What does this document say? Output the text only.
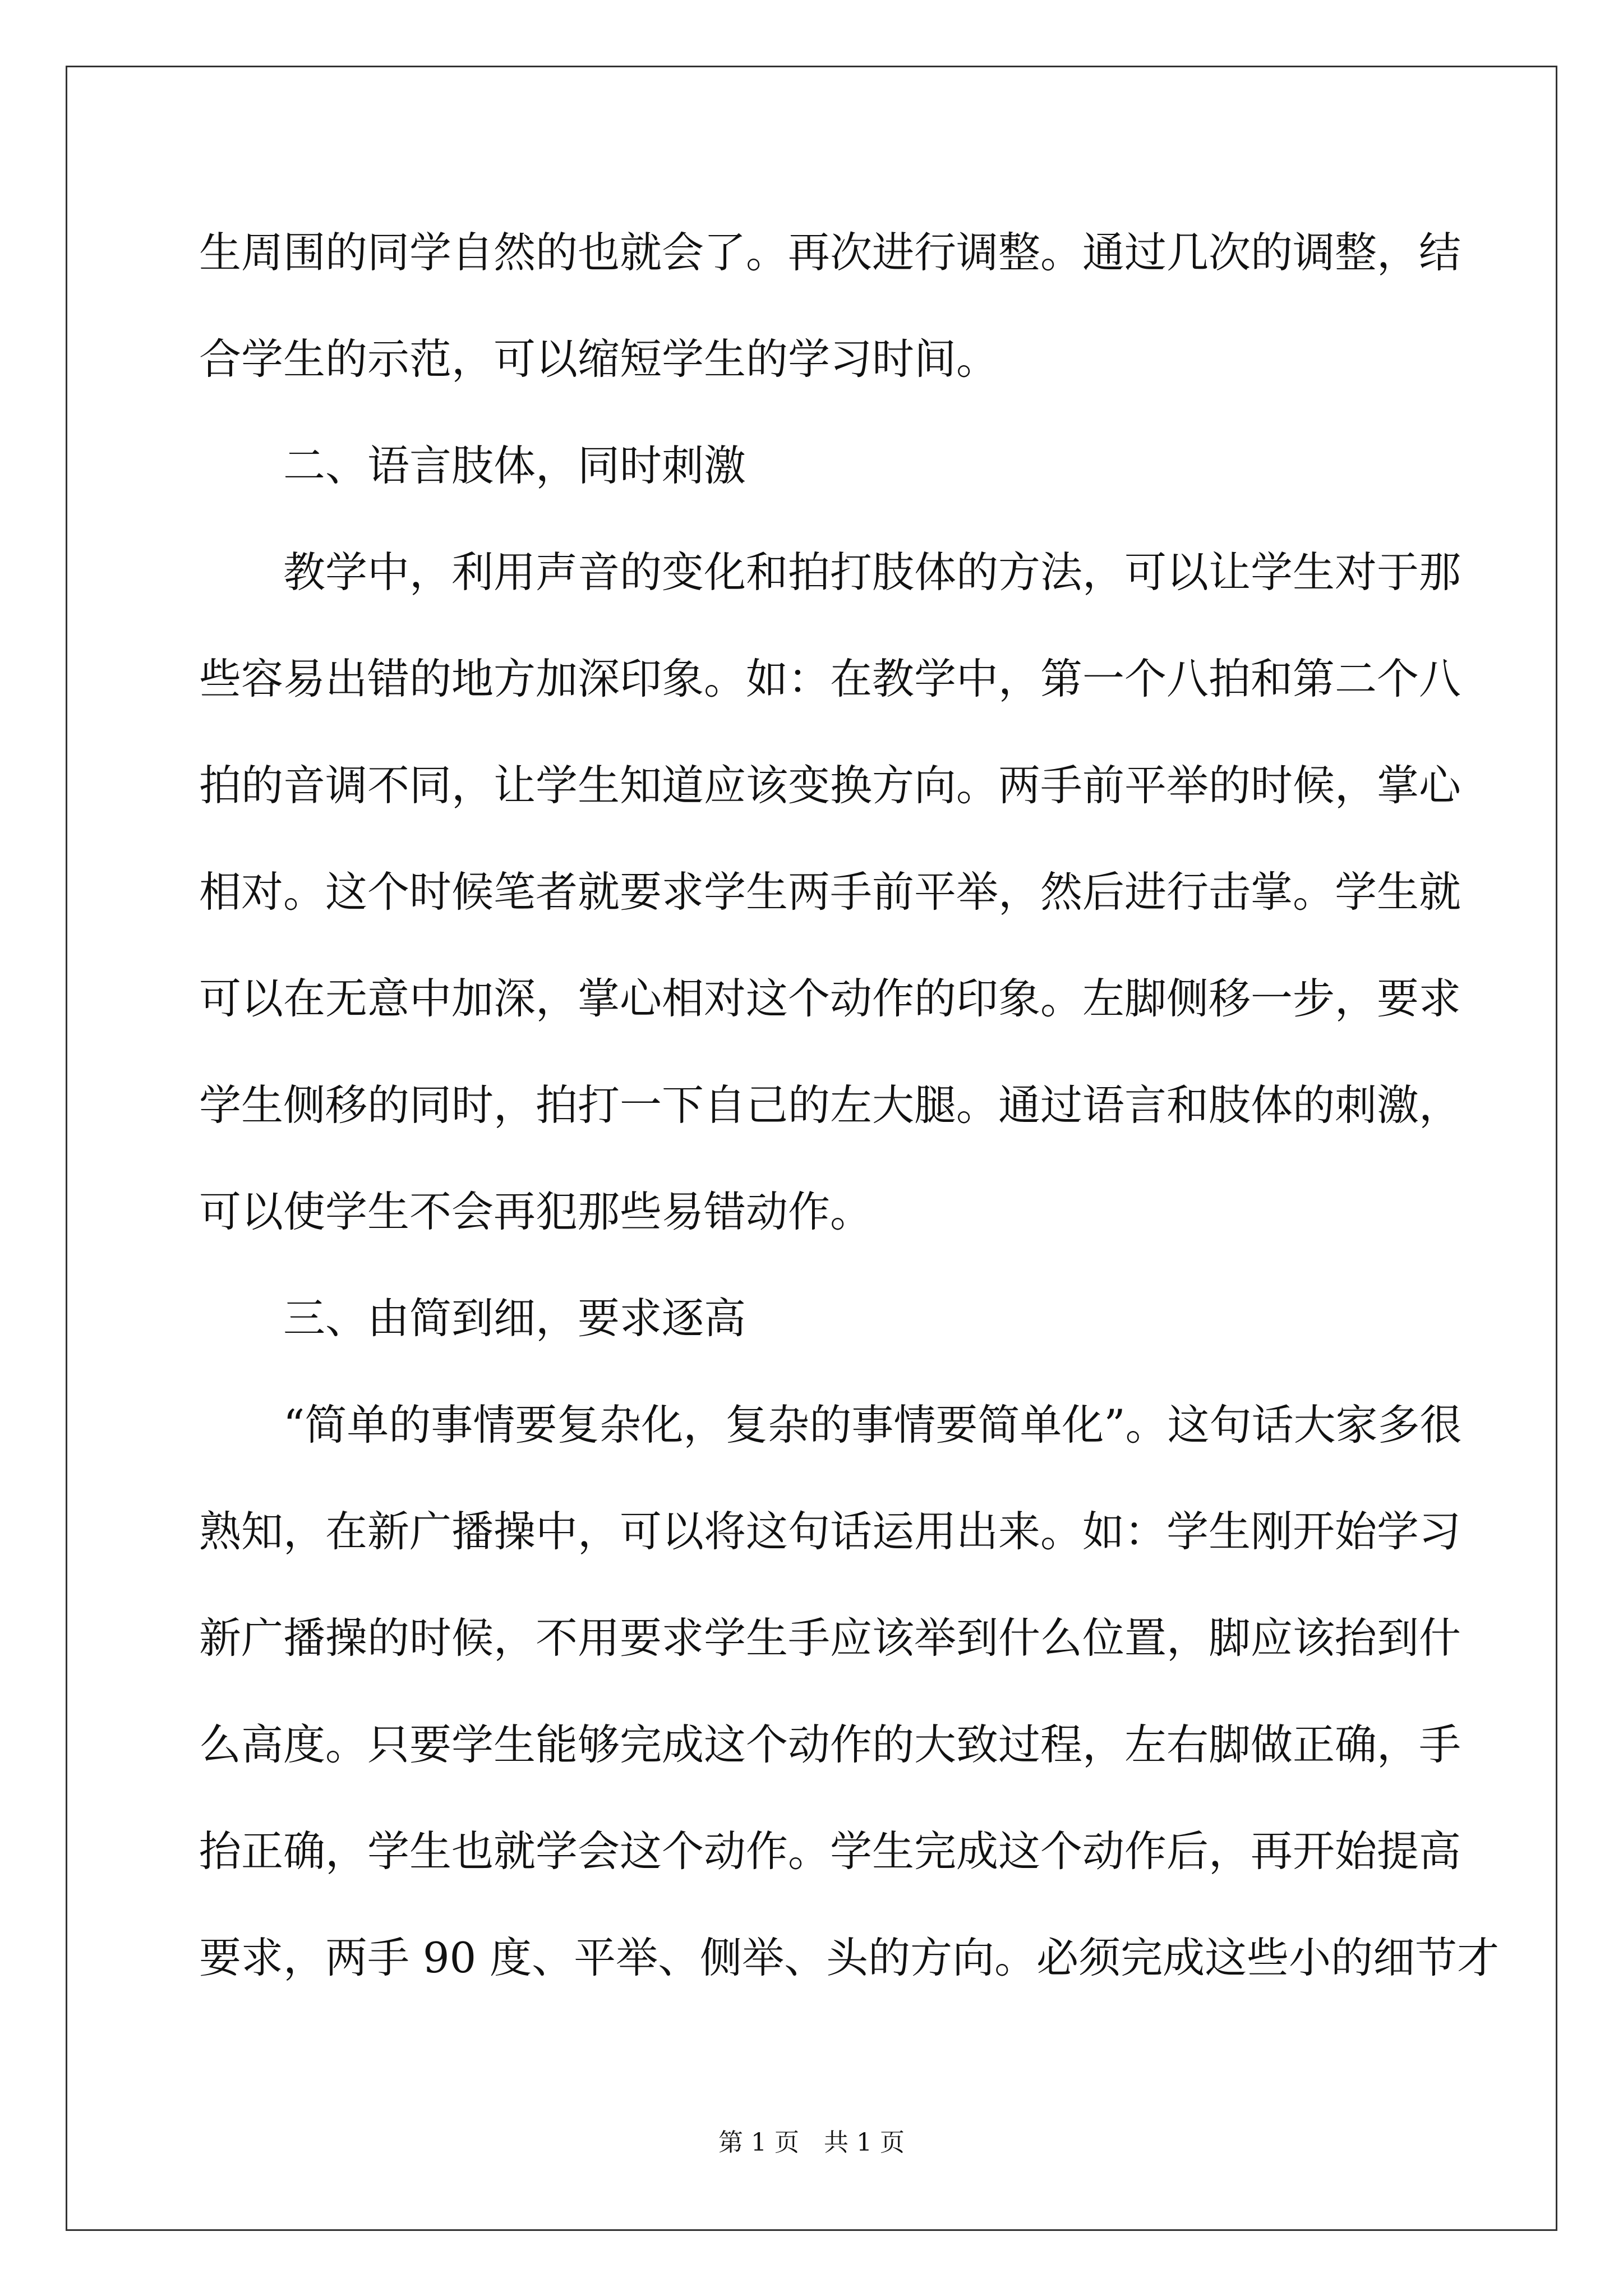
生周围的同学自然的也就会了。再次进行调整。通过几次的调整，结
合学生的示范，可以缩短学生的学习时间。
　　二、语言肢体，同时刺激
　　教学中，利用声音的变化和拍打肢体的方法，可以让学生对于那
些容易出错的地方加深印象。如：在教学中，第一个八拍和第二个八
拍的音调不同，让学生知道应该变换方向。两手前平举的时候，掌心
相对。这个时候笔者就要求学生两手前平举，然后进行击掌。学生就
可以在无意中加深，掌心相对这个动作的印象。左脚侧移一步，要求
学生侧移的同时，拍打一下自己的左大腿。通过语言和肢体的刺激，
可以使学生不会再犯那些易错动作。
　　三、由简到细，要求逐高
　　“简单的事情要复杂化，复杂的事情要简单化”。这句话大家多很
熟知，在新广播操中，可以将这句话运用出来。如：学生刚开始学习
新广播操的时候，不用要求学生手应该举到什么位置，脚应该抬到什
么高度。只要学生能够完成这个动作的大致过程，左右脚做正确，手
抬正确，学生也就学会这个动作。学生完成这个动作后，再开始提高
要求，两手 90 度、平举、侧举、头的方向。必须完成这些小的细节才
第 1 页　共 1 页
